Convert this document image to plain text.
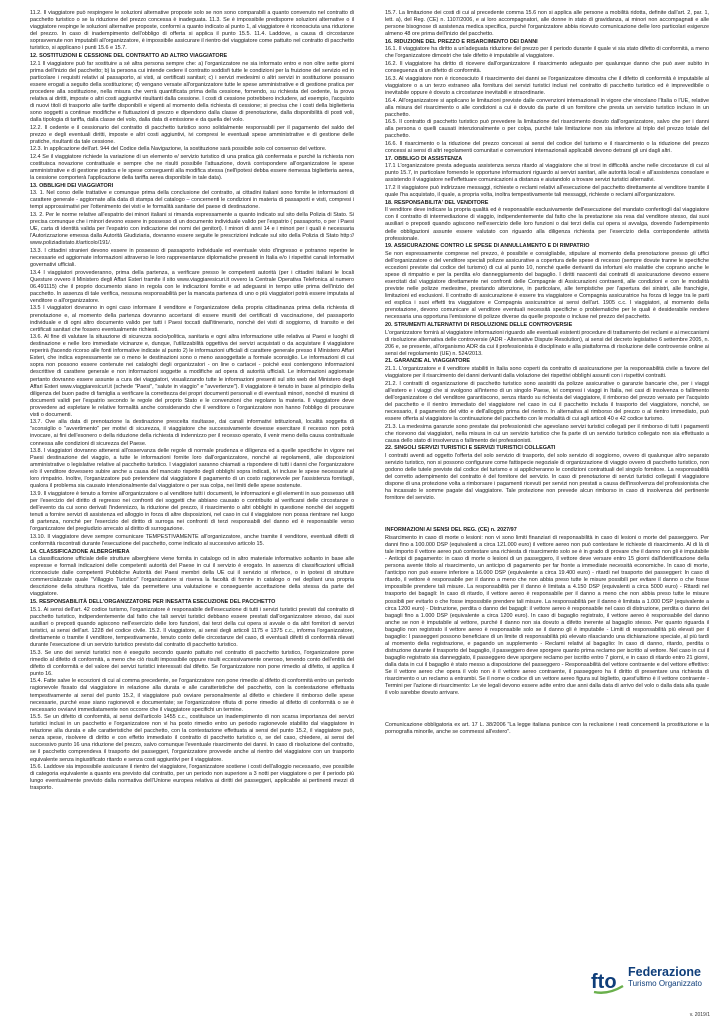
11.2. Il viaggiatore può respingere le soluzioni alternative proposte solo se non sono comparabili a quanto convenuto nel contratto di pacchetto turistico o se la riduzione del prezzo concessa è inadeguata. 11.3. Se è impossibile predisporre soluzioni alternative o il viaggiatore respinge le soluzioni alternative proposte, conformi a quanto indicato al punto 1, al viaggiatore è riconosciuta una riduzione del prezzo. In caso di inadempimento dell'obbligo di offerta si applica il punto 15.5. 11.4. Laddove, a causa di circostanze sopravvenute non imputabili all'organizzatore, è impossibile assicurare il rientro del viaggiatore come pattuito nel contratto di pacchetto turistico, si applicano i punti 15.6 e 15.7.

12. SOSTITUZIONI E CESSIONE DEL CONTRATTO AD ALTRO VIAGGIATORE

12.1 Il viaggiatore può far sostituire a sé altra persona sempre che: a) l'organizzatore ne sia informato entro e non oltre sette giorni prima dell'inizio del pacchetto; b) la persona cui intende cedere il contratto soddisfi tutte le condizioni per la fruizione del servizio ed in particolare i requisiti relativi al passaporto, ai visti, ai certificati sanitari; c) i servizi medesimi o altri servizi in sostituzione possano essere erogati a seguito della sostituzione; d) vengano versate all'organizzatore tutte le spese amministrative e di gestione pratica per procedere alla sostituzione, nella misura che verrà quantificata prima della cessione, fornendo, su richiesta del cedente, la prova relativa ai diritti, imposte o altri costi aggiuntivi risultanti dalla cessione. I costi di cessione potrebbero includere, ad esempio, l'acquisto di nuovi titoli di trasporto alle tariffe disponibili e vigenti al momento della richiesta di cessione; si precisa che i costi della biglietteria sono soggetti a continue modifiche e fluttuazioni di prezzo e dipendono dalla classe di prenotazione, dalla disponibilità di posti voli, dalla tipologia di tariffa, dalla classe del volo, dalla data di emissione e da quella del volo.

12.2. Il cedente e il cessionario del contratto di pacchetto turistico sono solidalmente responsabili per il pagamento del saldo del prezzo e degli eventuali diritti, imposte e altri costi aggiuntivi, ivi compresi le eventuali spese amministrative e di gestione delle pratiche, risultanti da tale cessione.

12.3. In applicazione dell'art. 944 del Codice della Navigazione, la sostituzione sarà possibile solo col consenso del vettore.

12.4 Se il viaggiatore richiede la variazione di un elemento e/ servizio turistico di una pratica già confermata e purché la richiesta non costituisca novazione contrattuale e sempre che ne risulti possibile l'attuazione, dovrà corrispondere all'organizzatore le spese amministrative e di gestione pratica e le spese conseguenti alla modifica stessa (nell'ipotesi debba essere riemessa biglietteria aerea, la cessione comporterà l'applicazione della tariffa aerea disponibile in tale data).

13. OBBLIGHI DEI VIAGGIATORI

13. 1. Nel corso delle trattative e comunque prima della conclusione del contratto, ai cittadini italiani sono fornite le informazioni di carattere generale - aggiornate alla data di stampa del catalogo – concernenti le condizioni in materia di passaporti e visti, compresi i tempi approssimativi per l'ottenimento dei visti e le formalità sanitarie del paese di destinazione.

13. 2. Per le norme relative all'espatrio dei minori italiani si rimanda espressamente a quanto indicato sul sito della Polizia di Stato. Si precisa comunque che i minori devono essere in possesso di un documento individuale valido per l'espatrio ( passaporto, o per i Paesi UE, carta di identità valida per l'espatrio con indicazione dei nomi dei genitori). I minori di anni 14 e i minori per i quali è necessaria l'Autorizzazione emessa dalla Autorità Giudiziaria, dovranno essere seguite le prescrizioni indicate sul sito della Polizia di Stato http:// www.poliziadistato.it/articolo/191/.

13.3. I cittadini stranieri devono essere in possesso di passaporto individuale ed eventuale visto d'ingresso e potranno reperire le necessarie ed aggiornate informazioni attraverso le loro rappresentanze diplomatiche presenti in Italia e/o i rispettivi canali informativi governativi ufficiali.

13.4 I viaggiatori provvederanno, prima della partenza, a verificare presso le competenti autorità (per i cittadini italiani le locali Questure ovvero il Ministero degli Affari Esteri tramite il sito www.viaggiaresicuri.it ovvero la Centrale Operativa Telefonica al numero 06.491115) che il proprio documento siano in regola con le indicazioni fornite e ad adeguarsi in tempo utile prima dell'inizio del pacchetto. In assenza di tale verifica, nessuna responsabilità per la mancata partenza di uno o più viaggiatori potrà essere imputata al venditore o all'organizzatore.

13.5 I viaggiatori dovranno in ogni caso informare il venditore e l'organizzatore della propria cittadinanza prima della richiesta di prenotazione e, al momento della partenza dovranno accertarsi di essere muniti dei certificati di vaccinazione, del passaporto individuale e di ogni altro documento valido per tutti i Paesi toccati dall'itinerario, nonché dei visti di soggiorno, di transito e dei certificati sanitari che fossero eventualmente richiesti.

13.6. Al fine di valutare la situazione di sicurezza socio/politica, sanitaria e ogni altra informazione utile relativa ai Paesi e luoghi di destinazione e nelle loro immediate vicinanze e, dunque, l'utilizzabilità oggettiva dei servizi acquistati o da acquistare il viaggiatore reperirà (facendo ricorso alle fonti informative indicate al punto 2) le informazioni ufficiali di carattere generale presso il Ministero Affari Esteri, che indica espressamente se o meno le destinazioni sono o meno assoggettate a formale sconsiglio. Le informazioni di cui sopra non possono essere contenute nei cataloghi degli organizzatori - on line o cartacei - poiché essi contengono informazioni descrittive di carattere generale e non informazioni soggette a modifiche ad opera di autorità ufficiali. Le informazioni aggiornate pertanto dovranno essere assunte a cura dei viaggiatori, visualizzando tutte le informazioni presenti sul sito web del Ministero degli Affari Esteri www.viaggiaresicuri.it (schede "Paesi", "salute in viaggio" e "avvertenze"). Il viaggiatore è tenuto in base al principio della diligenza del buon padre di famiglia a verificare la correttezza dei propri documenti personali e di eventuali minori, nonché di munirsi di documenti validi per l'espatrio secondo le regole del proprio Stato e le convenzioni che regolano la materia. Il viaggiatore deve provvedere ad espletare le relative formalità anche considerando che il venditore o l'organizzatore non hanno l'obbligo di procurare visti o documenti.

13.7. Ove alla data di prenotazione la destinazione prescelta risultasse, dai canali informativi istituzionali, località soggetta di "sconsiglio o "avvertimento" per motivi di sicurezza, il viaggiatore che successivamente dovesse esercitare il recesso non potrà invocare, ai fini dell'esonero o della riduzione della richiesta di indennizzo per il recesso operato, il venir meno della causa contrattuale connessa alle condizioni di sicurezza del Paese.

13.8. I viaggiatori dovranno attenersi all'osservanza delle regole di normale prudenza e diligenza ed a quelle specifiche in vigore nei Paesi destinazione del viaggio, a tutte le informazioni fornite loro dall'organizzatore, nonché ai regolamenti, alle disposizioni amministrative o legislative relative al pacchetto turistico. I viaggiatori saranno chiamati a rispondere di tutti i danni che l'organizzatore e/o il venditore dovessero subire anche a causa del mancato rispetto degli obblighi sopra indicati, ivi incluse le spese necessarie al loro rimpatrio. Inoltre, l'organizzatore può pretendere dal viaggiatore il pagamento di un costo ragionevole per l'assistenza fornitagli, qualora il problema sia causato intenzionalmente dal viaggiatore o per sua colpa, nei limiti delle spese sostenute.

13.9. Il viaggiatore è tenuto a fornire all'organizzatore o al venditore tutti i documenti, le informazioni e gli elementi in suo possesso utili per l'esercizio del diritto di regresso nei confronti dei soggetti che abbiano causato o contribuito al verificarsi delle circostanze o dell'evento da cui sono derivati l'indennizzo, la riduzione del prezzo, il risarcimento o altri obblighi in questione nonché dei soggetti tenuti a fornire servizi di assistenza ed alloggio in forza di altre disposizioni, nel caso in cui il viaggiatore non possa rientrare nel luogo di partenza, nonché per l'esercizio del diritto di surroga nei confronti di terzi responsabili del danno ed è responsabile verso l'organizzatore del pregiudizio arrecato al diritto di surrogazione.

13.10. Il viaggiatore deve sempre comunicare TEMPESTIVAMENTE all'organizzatore, anche tramite il venditore, eventuali difetti di conformità riscontrati durante l'esecuzione del pacchetto, come indicato al successivo articolo 15.

14. CLASSIFICAZIONE ALBERGHIERA

La classificazione ufficiale delle strutture alberghiere viene fornita in catalogo od in altro materiale informativo soltanto in base alle espresse e formali indicazioni delle competenti autorità del Paese in cui il servizio è erogato. In assenza di classificazioni ufficiali riconosciute dalle competenti Pubbliche Autorità dei Paesi membri della UE cui il servizio si riferisce, o in ipotesi di strutture commercializzate quale "Villaggio Turistico" l'organizzatore si riserva la facoltà di fornire in catalogo o nel depliant una propria descrizione della struttura ricettiva, tale da permettere una valutazione e conseguente accettazione della stessa da parte del viaggiatore.

15. RESPONSABILITÀ DELL'ORGANIZZATORE PER INESATTA ESECUZIONE DEL PACCHETTO

15.1. Ai sensi dell'art. 42 codice turismo, l'organizzatore è responsabile dell'esecuzione di tutti i servizi turistici previsti dal contratto di pacchetto turistico, indipendentemente dal fatto che tali servizi turistici debbano essere prestati dall'organizzatore stesso, dai suoi ausiliari o preposti quando agiscono nell'esercizio delle loro funzioni, dai terzi della cui opera si avvale o da altri fornitori di servizi turistici, ai sensi dell'art. 1228 del codice civile. 15.2. Il viaggiatore, ai sensi degli articoli 1175 e 1375 c.c., informa l'organizzatore, direttamente o tramite il venditore, tempestivamente, tenuto conto delle circostanze del caso, di eventuali difetti di conformità rilevati durante l'esecuzione di un servizio turistico previsto dal contratto di pacchetto turistico.

15.3. Se uno dei servizi turistici non è eseguito secondo quanto pattuito nel contratto di pacchetto turistico, l'organizzatore pone rimedio al difetto di conformità, a meno che ciò risulti impossibile oppure risulti eccessivamente oneroso, tenendo conto dell'entità del difetto di conformità e del valore dei servizi turistici interessati dal difetto. Se l'organizzatore non pone rimedio al difetto, si applica il punto 16.

15.4. Fatte salve le eccezioni di cui al comma precedente, se l'organizzatore non pone rimedio al difetto di conformità entro un periodo ragionevole fissato dal viaggiatore in relazione alla durata e alle caratteristiche del pacchetto, con la contestazione effettuata tempestivamente ai sensi del punto 15.2, il viaggiatore può ovviare personalmente al difetto e chiedere il rimborso delle spese necessarie, purché esse siano ragionevoli e documentate; se l'organizzatore rifiuta di porre rimedio al difetto di conformità o se è necessario ovviarvi immediatamente non occorre che il viaggiatore specifichi un termine.

15.5. Se un difetto di conformità, ai sensi dell'articolo 1455 c.c., costituisce un inadempimento di non scarsa importanza dei servizi turistici inclusi in un pacchetto e l'organizzatore non vi ha posto rimedio entro un periodo ragionevole stabilito dal viaggiatore in relazione alla durata e alle caratteristiche del pacchetto, con la contestazione effettuata ai sensi del punto 15.2, il viaggiatore può, senza spese, risolvere di diritto e con effetto immediato il contratto di pacchetto turistico o, se del caso, chiedere, ai sensi del successivo punto 16 una riduzione del prezzo, salvo comunque l'eventuale risarcimento dei danni. In caso di risoluzione del contratto, se il pacchetto comprendeva il trasporto dei passeggeri, l'organizzatore provvede anche al rientro del viaggiatore con un trasporto equivalente senza ingiustificato ritardo e senza costi aggiuntivi per il viaggiatore.

15.6. Laddove sia impossibile assicurare il rientro del viaggiatore, l'organizzatore sostiene i costi dell'alloggio necessario, ove possibile di categoria equivalente a quanto era previsto dal contratto, per un periodo non superiore a 3 notti per viaggiatore o per il periodo più lungo eventualmente previsto dalla normativa dell'Unione europea relativa ai diritti dei passeggeri, applicabile ai pertinenti mezzi di trasporto.

15.7. La limitazione dei costi di cui al precedente comma 15.6 non si applica alle persone a mobilità ridotta, definite dall'art. 2, par. 1, lett. a), del Reg. (CE) n. 1107/2006, e ai loro accompagnatori, alle donne in stato di gravidanza, ai minori non accompagnati e alle persone bisognose di assistenza medica specifica, purché l'organizzatore abbia ricevuto comunicazione delle loro particolari esigenze almeno 48 ore prima dell'inizio del pacchetto.

16. RIDUZIONE DEL PREZZO E RISARCIMENTO DEI DANNI

16.1. Il viaggiatore ha diritto a un'adeguata riduzione del prezzo per il periodo durante il quale vi sia stato difetto di conformità, a meno che l'organizzatore dimostri che tale difetto è imputabile al viaggiatore.

16.2. Il viaggiatore ha diritto di ricevere dall'organizzatore il risarcimento adeguato per qualunque danno che può aver subito in conseguenza di un difetto di conformità.

16.3. Al viaggiatore non è riconosciuto il risarcimento dei danni se l'organizzatore dimostra che il difetto di conformità è imputabile al viaggiatore o a un terzo estraneo alla fornitura dei servizi turistici inclusi nel contratto di pacchetto turistico ed è imprevedibile o inevitabile oppure è dovuto a circostanze inevitabili e straordinarie.

16.4. All'organizzatore si applicano le limitazioni previste dalle convenzioni internazionali in vigore che vincolano l'Italia o l'UE, relative alla misura del risarcimento o alle condizioni a cui è dovuto da parte di un fornitore che presta un servizio turistico incluso in un pacchetto.

16.5. Il contratto di pacchetto turistico può prevedere la limitazione del risarcimento dovuto dall'organizzatore, salvo che per i danni alla persona o quelli causati intenzionalmente o per colpa, purché tale limitazione non sia inferiore al triplo del prezzo totale del pacchetto.

16.6. Il risarcimento o la riduzione del prezzo concessi ai sensi del codice del turismo e il risarcimento o la riduzione del prezzo concessi ai sensi di altri regolamenti comunitari e convenzioni internazionali applicabili devono detrarsi gli uni dagli altri.

17. OBBLIGO DI ASSISTENZA

17.1 L'organizzatore presta adeguata assistenza senza ritardo al viaggiatore che si trovi in difficoltà anche nelle circostanze di cui al punto 15.7, in particolare fornendo le opportune informazioni riguardo ai servizi sanitari, alle autorità locali e all'assistenza consolare e assistendo il viaggiatore nell'effettuare comunicazioni a distanza e aiutandolo a trovare servizi turistici alternativi.

17.2 Il viaggiatore può indirizzare messaggi, richieste o reclami relativi all'esecuzione del pacchetto direttamente al venditore tramite il quale l'ha acquistato, il quale, a propria volta, inoltra tempestivamente tali messaggi, richieste o reclami all'organizzatore.

18. RESPONSABILITA' DEL VENDITORE

Il venditore deve indicare la propria qualità ed è responsabile esclusivamente dell'esecuzione del mandato conferitogli dal viaggiatore con il contratto di intermediazione di viaggio, indipendentemente dal fatto che la prestazione sia resa dal venditore stesso, dai suoi ausiliari o preposti quando agiscono nell'esercizio delle loro funzioni o dai terzi della cui opera si avvalga, dovendo l'adempimento delle obbligazioni assunte essere valutato con riguardo alla diligenza richiesta per l'esercizio della corrispondente attività professionale.

19. ASSICURAZIONE CONTRO LE SPESE DI ANNULLAMENTO E DI RIMPATRIO

Se non espressamente comprese nel prezzo, è possibile e consigliabile, stipulare al momento della prenotazione presso gli uffici dell'organizzatore o del venditore speciali polizze assicurative a copertura delle spese di recesso (sempre dovute tranne le specifiche eccezioni previste dal codice del turismo) di cui al punto 10, nonché quelle derivanti da infortuni e/o malattie che coprano anche le spese di rimpatrio e per la perdita e/o danneggiamento del bagaglio. I diritti nascenti dai contratti di assicurazione devono essere esercitati dal viaggiatore direttamente nei confronti delle Compagnie di Assicurazioni contraenti, alle condizioni e con le modalità previste nelle polizze medesime, prestando attenzione, in particolare, alle tempistiche per l'apertura dei sinistri, alle franchigie, limitazioni ed esclusioni. Il contratto di assicurazione è essere tra viaggiatore e Compagnia assicuratrice ha forza di legge tra le parti ed esplica i suoi effetti tra viaggiatore e Compagnia assicuratrice ai sensi dell'art. 1905 c.c. I viaggiatori, al momento della prenotazione, devono comunicare al venditore eventuali necessità specifiche o problematiche per le quali è desiderabile rendere necessaria una opportuna l'emissione di polizze diverse da quelle proposte o incluse nel prezzo del pacchetto.

20. STRUMENTI ALTERNATIVI DI RISOLUZIONE DELLE CONTROVERSIE

L'organizzatore fornirà al viaggiatore informazioni riguardo alle eventuali esistenti procedure di trattamento dei reclami e ai meccanismi di risoluzione alternativa delle controversie (ADR - Alternative Dispute Resolution), ai sensi del decreto legislativo 6 settembre 2005, n. 206 e, se presente, all'organismo ADR da cui il professionista è disciplinato e alla piattaforma di risoluzione delle controversie online ai sensi del regolamento (UE) n. 524/2013.

21. GARANZIE AL VIAGGIATORE

21.1. L'organizzatore e il venditore stabiliti in Italia sono coperti da contratto di assicurazione per la responsabilità civile a favore del viaggiatore per il risarcimento dei danni derivanti dalla violazione dei rispettivi obblighi assunti con i rispettivi contratti.

21.2. I contratti di organizzazione di pacchetto turistico sono assistiti da polizze assicurative o garanzie bancarie che, per i viaggi all'estero e i viaggi che si svolgono all'interno di un singolo Paese, ivi compresi i viaggi in Italia, nei casi di insolvenza o fallimento dell'organizzatore o del venditore garantiscono, senza ritardo su richiesta del viaggiatore, il rimborso del prezzo versato per l'acquisto del pacchetto e il rientro immediato del viaggiatore nel caso in cui il pacchetto includa il trasporto del viaggiatore, nonché, se necessario, il pagamento del vitto e dell'alloggio prima del rientro. In alternativa al rimborso del prezzo o al rientro immediato, può essere offerta al viaggiatore la continuazione del pacchetto con le modalità di cui agli articoli 40 e 42 codice turismo.

21.3. La medesima garanzie sono prestate dai professionisti che agevolano servizi turistici collegati per il rimborso di tutti i pagamenti che ricevono dai viaggiatori, nella misura in cui un servizio turistico che fa parte di un servizio turistico collegato non sia effettuato a causa dello stato di insolvenza o fallimento dei professionisti.

22. SINGOLI SERVIZI TURISTICI E SERVIZI TURISTICI COLLEGATI

I contratti aventi ad oggetto l'offerta del solo servizio di trasporto, del solo servizio di soggiorno, ovvero di qualunque altro separato servizio turistico, non si possono configurare come fattispecie negoziale di organizzazione di viaggio ovvero di pacchetto turistico, non godono delle tutele previste dal codice del turismo e si applicheranno le condizioni contrattuali del singolo fornitore. La responsabilità del corretto adempimento del contratto è del fornitore del servizio. In caso di prenotazione di servizi turistici collegati il viaggiatore dispone di una protezione volta a rimborsare i pagamenti ricevuti per servizi non prestati a causa dell'insolvenza del professionista che ha incassato le somme pagate dal viaggiatore. Tale protezione non prevede alcun rimborso in caso di insolvenza del pertinente fornitore del servizio.

INFORMAZIONI AI SENSI DEL REG. (CE) n. 2027/97

Risarcimento in caso di morte o lesioni: non vi sono limiti finanziari di responsabilità in caso di lesioni o morte del passeggero. Per danni fino a 100.000 DSP (equivalenti a circa 121.000 euro) il vettore aereo non può contestare le richieste di risarcimento. Al di là di tale importo il vettore aereo può contestare una richiesta di risarcimento solo se è in grado di provare che il danno non gli è imputabile - Anticipi di pagamento: in caso di morte o lesioni di un passeggero, il vettore deve versare entro 15 giorni dall'identificazione della persona avente titolo al risarcimento, un anticipo di pagamento per far fronte a immediate necessità economiche. In caso di morte, l'anticipo non può essere inferiore a 16.000 DSP (equivalente a circa 19.400 euro) - ritardi nel trasporto dei passeggeri: In caso di ritardo, il vettore è responsabile per il danno a meno che non abbia preso tutte le misure possibili per evitare il danno o che fosse impossibile prendere tali misure. La responsabilità per il danno è limitata a 4.150 DSP (equivalenti a circa 5000 euro) - Ritardi nel trasporto dei bagagli: In caso di ritardo, il vettore aereo è responsabile per il danno a meno che non abbia preso tutte le misure possibili per evitarlo o che fosse impossibile prendere tali misure. La responsabilità per il danno è limitata a 1.000 DSP (equivalente a circa 1200 euro) - Distruzione, perdita o danno dei bagagli: il vettore aereo è responsabile nel caso di distruzione, perdita o danno dei bagagli fino a 1.000 DSP (equivalente a circa 1200 euro). In caso di bagaglio registrato, il vettore aereo è responsabile del danno anche se non è imputabile al vettore, purché il danno non sia dovuto a difetto inerente al bagaglio stesso. Per quanto riguarda il bagaglio non registrato il vettore aereo è responsabile solo se il danno gli è imputabile - Limiti di responsabilità più elevati per il bagaglio: I passeggeri possono beneficiare di un limite di responsabilità più elevato rilasciando una dichiarazione speciale, al più tardi al momento della registrazione, e pagando un supplemento - Reclami relativi al bagaglio: In caso di danno, ritardo, perdita o distruzione durante il trasporto del bagaglio, il passeggero deve sporgere quanto prima reclamo per iscritto al vettore. Nel caso in cui il bagaglio registrato sia danneggiato, il passeggero deve sporgere reclamo per iscritto entro 7 giorni, e in caso di ritardo entro 21 giorni, dalla data in cui il bagaglio è stato messo a disposizione del passeggero - Responsabilità del vettore contraente e del vettore effettivo: Se il vettore aereo che opera il volo non è il vettore aereo contraente, il passeggero ha il diritto di presentare una richiesta di risarcimento o un reclamo a entrambi. Se il nome o codice di un vettore aereo figura sul biglietto, quest'ultimo è il vettore contraente - Termini per l'azione di risarcimento: Le vie legali devono essere adite entro due anni dalla data di arrivo del volo o dalla data alla quale il volo sarebbe dovuto arrivare.

Comunicazione obbligatoria ex art. 17 L. 38/2006 "La legge italiana punisce con la reclusione i reati concernenti la prostituzione e la pornografia minorile, anche se commessi all'estero".

fto Federazione
Turismo Organizzato
v. 2019/1
